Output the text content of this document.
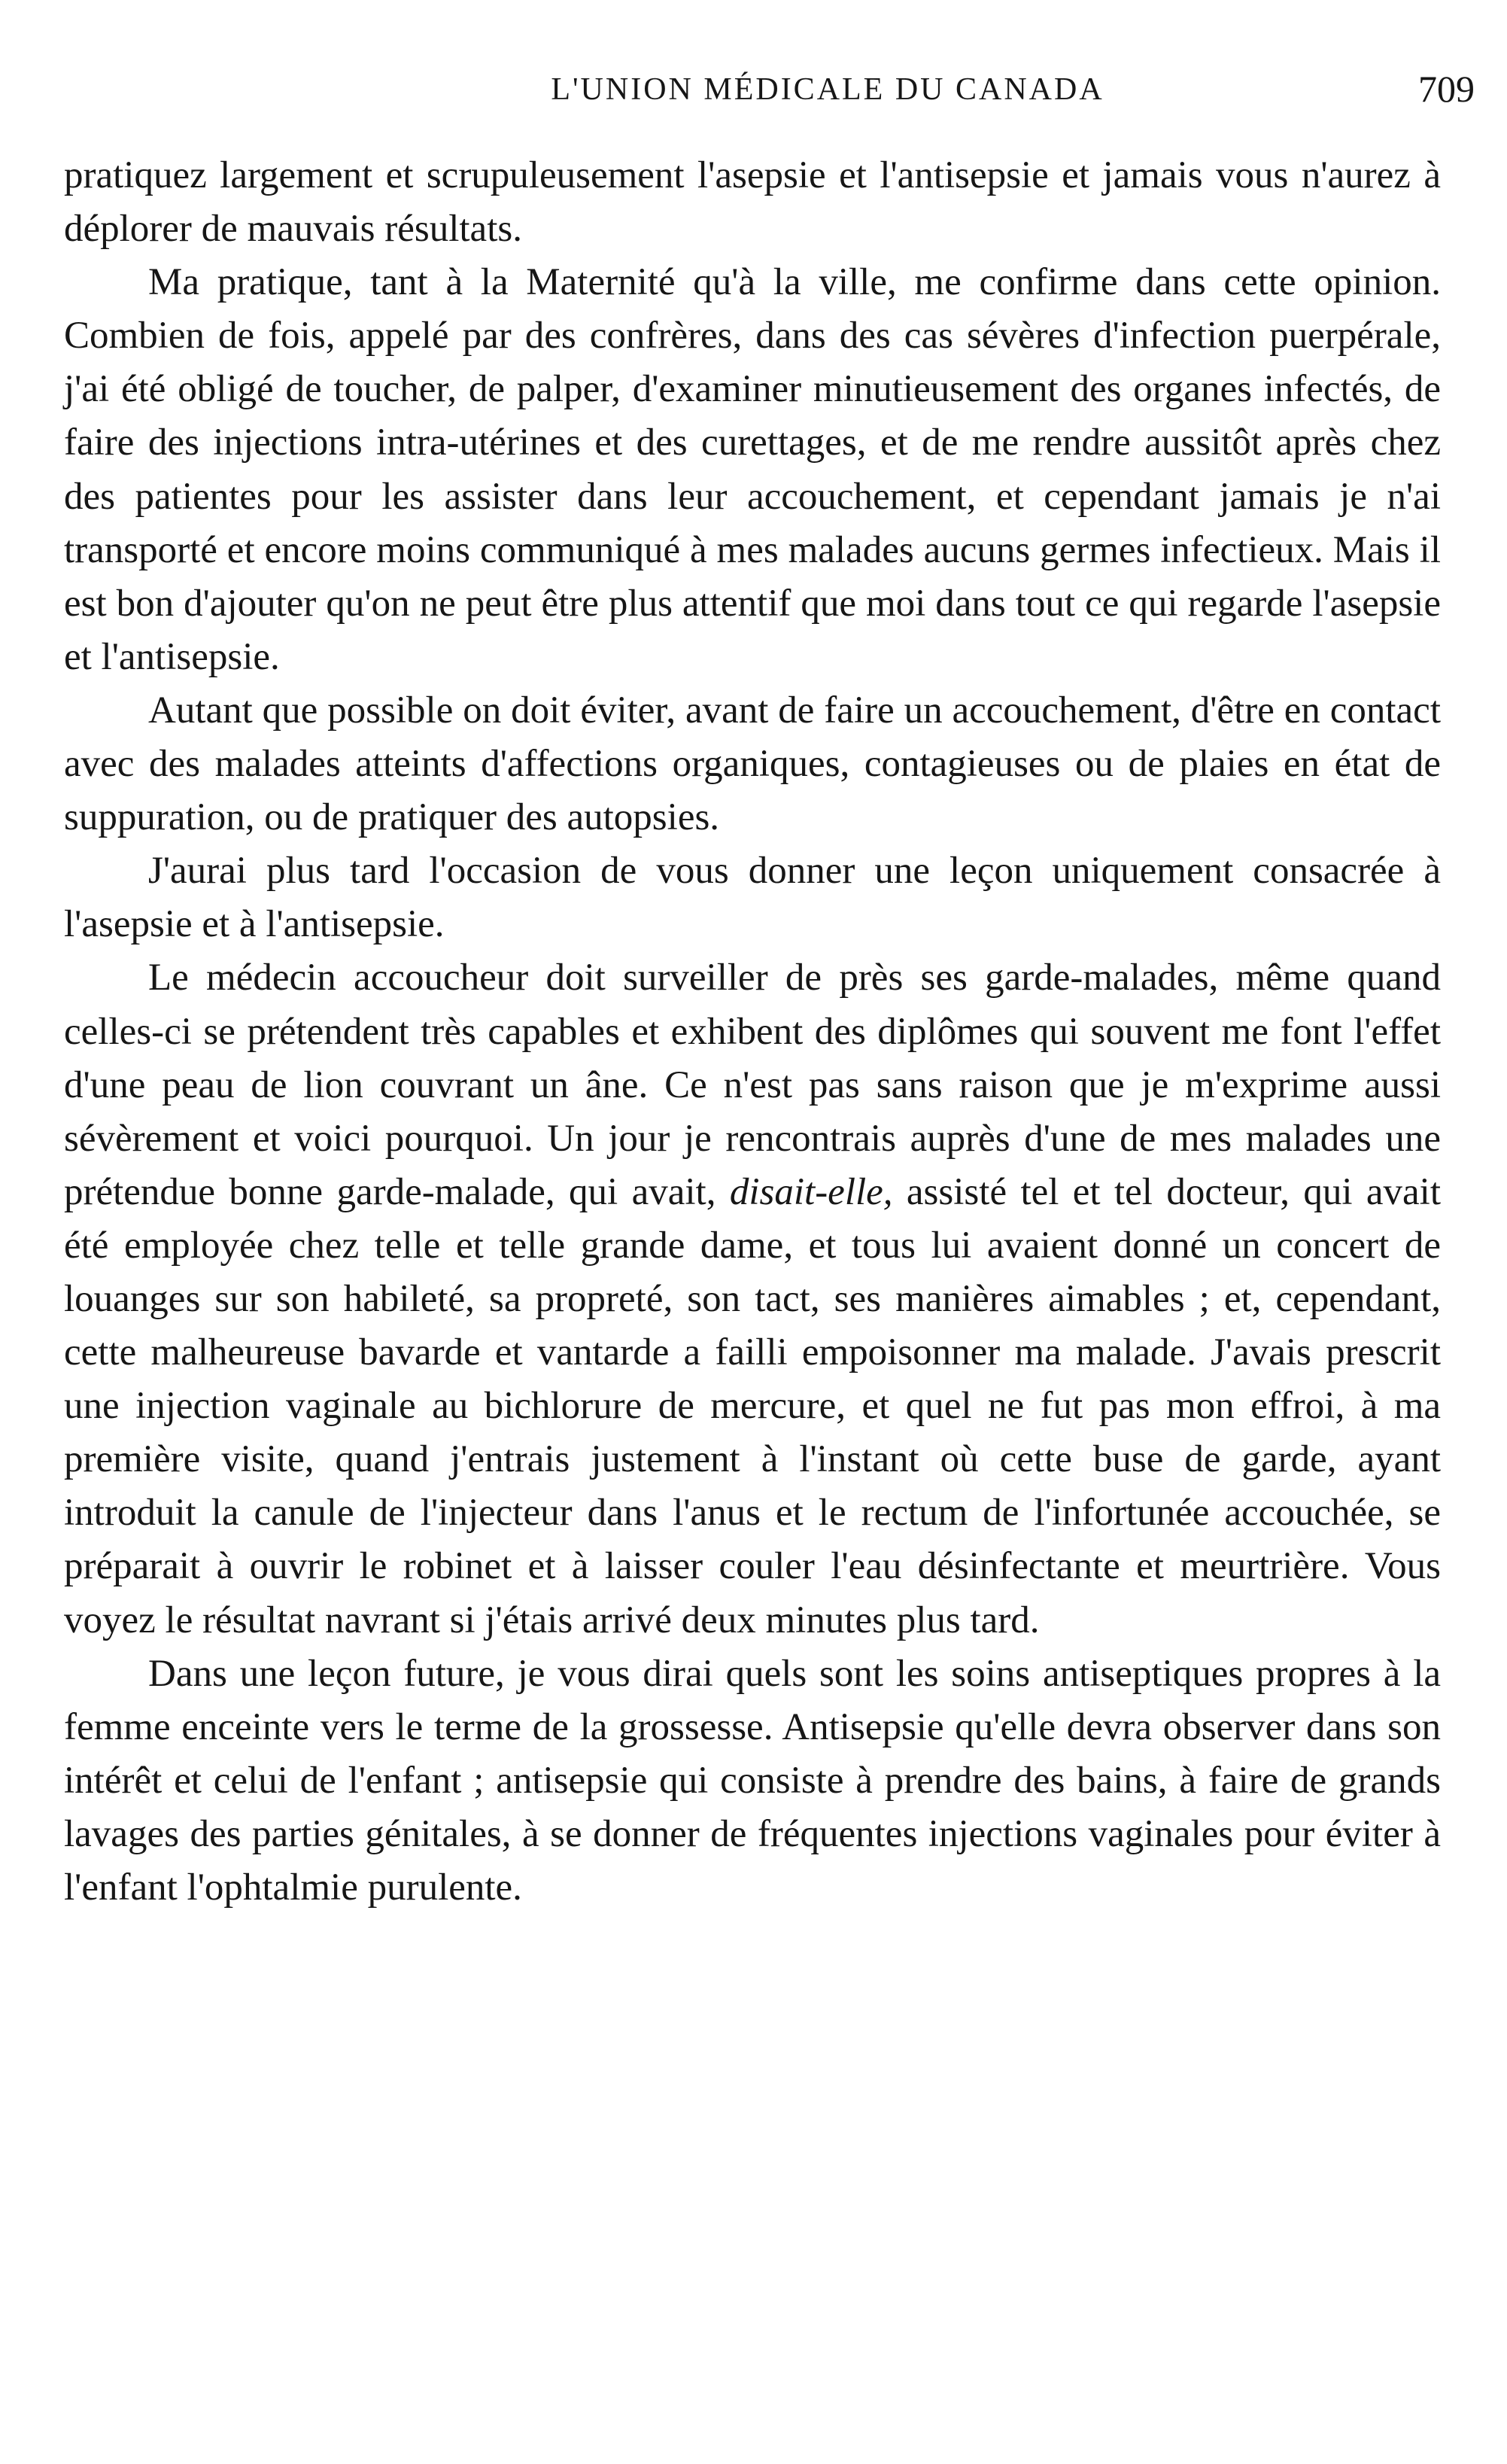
L'UNION MÉDICALE DU CANADA	709

pratiquez largement et scrupuleusement l'asepsie et l'antisepsie et jamais vous n'aurez à déplorer de mauvais résultats.

Ma pratique, tant à la Maternité qu'à la ville, me confirme dans cette opinion. Combien de fois, appelé par des confrères, dans des cas sévères d'infection puerpérale, j'ai été obligé de toucher, de palper, d'examiner minutieusement des organes infectés, de faire des injections intra-utérines et des curettages, et de me rendre aussitôt après chez des patientes pour les assister dans leur accouchement, et cependant jamais je n'ai transporté et encore moins communiqué à mes malades aucuns germes infectieux. Mais il est bon d'ajouter qu'on ne peut être plus attentif que moi dans tout ce qui regarde l'asepsie et l'antisepsie.

Autant que possible on doit éviter, avant de faire un accouchement, d'être en contact avec des malades atteints d'affections organiques, contagieuses ou de plaies en état de suppuration, ou de pratiquer des autopsies.

J'aurai plus tard l'occasion de vous donner une leçon uniquement consacrée à l'asepsie et à l'antisepsie.

Le médecin accoucheur doit surveiller de près ses garde-malades, même quand celles-ci se prétendent très capables et exhibent des diplômes qui souvent me font l'effet d'une peau de lion couvrant un âne. Ce n'est pas sans raison que je m'exprime aussi sévèrement et voici pourquoi. Un jour je rencontrais auprès d'une de mes malades une prétendue bonne garde-malade, qui avait, disait-elle, assisté tel et tel docteur, qui avait été employée chez telle et telle grande dame, et tous lui avaient donné un concert de louanges sur son habileté, sa propreté, son tact, ses manières aimables ; et, cependant, cette malheureuse bavarde et vantarde a failli empoisonner ma malade. J'avais prescrit une injection vaginale au bichlorure de mercure, et quel ne fut pas mon effroi, à ma première visite, quand j'entrais justement à l'instant où cette buse de garde, ayant introduit la canule de l'injecteur dans l'anus et le rectum de l'infortunée accouchée, se préparait à ouvrir le robinet et à laisser couler l'eau désinfectante et meurtrière. Vous voyez le résultat navrant si j'étais arrivé deux minutes plus tard.

Dans une leçon future, je vous dirai quels sont les soins antiseptiques propres à la femme enceinte vers le terme de la grossesse. Antisepsie qu'elle devra observer dans son intérêt et celui de l'enfant ; antisepsie qui consiste à prendre des bains, à faire de grands lavages des parties génitales, à se donner de fréquentes injections vaginales pour éviter à l'enfant l'ophtalmie purulente.
